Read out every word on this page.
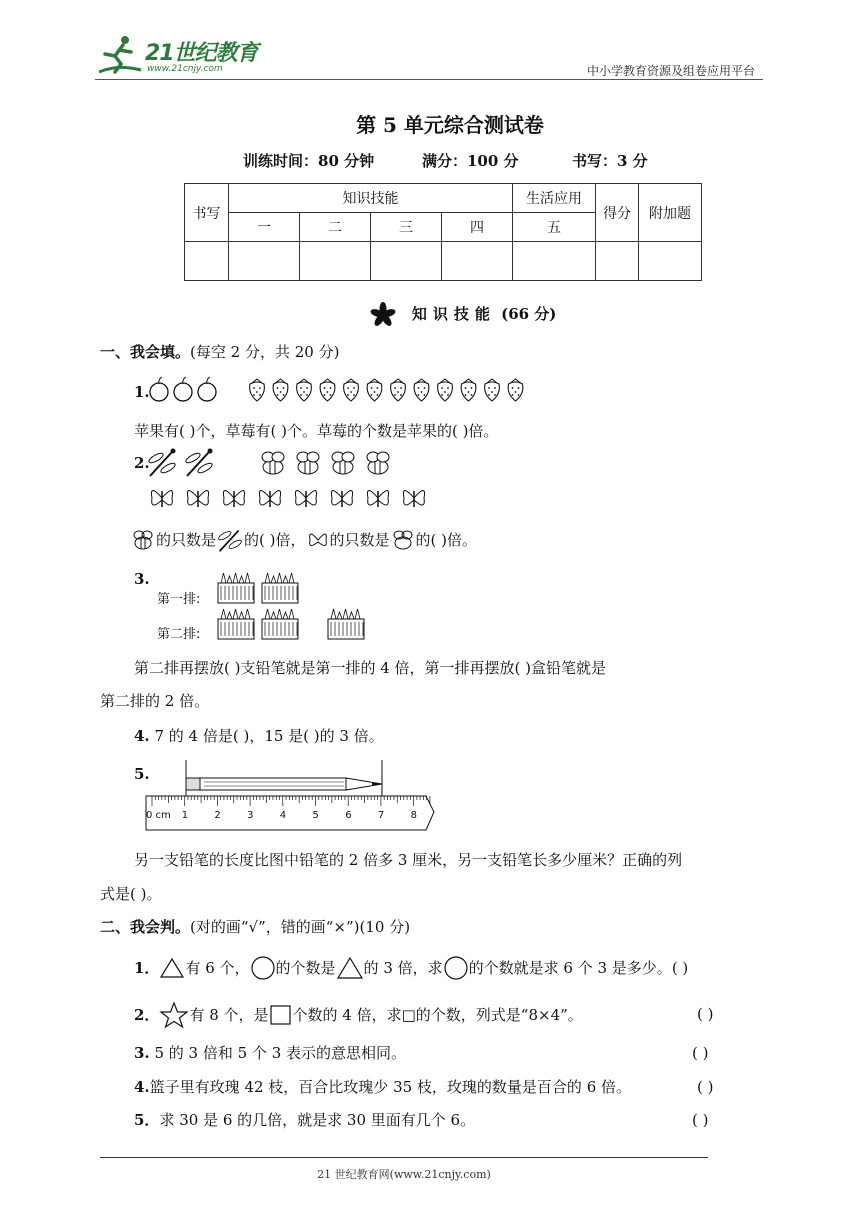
21世纪教育
www.21cnjy.com	中小学教育资源及组卷应用平台
第 5 单元综合测试卷
训练时间：80 分钟	满分：100 分	书写：3 分
书写	知识技能				生活应用	得分	附加题
	一	二	三	四	五		

知识技能 (66 分)
一、我会填。(每空 2 分，共 20 分)
1.
苹果有( )个，草莓有( )个。草莓的个数是苹果的( )倍。
2.

的只数是 的( )倍， 的只数是 的( )倍。
3.
第一排:
第二排:
第二排再摆放( )支铅笔就是第一排的 4 倍，第一排再摆放( )盒铅笔就是
第二排的 2 倍。
4. 7 的 4 倍是( )，15 是( )的 3 倍。
5.
0 cm 1	2	3	4	5	6	7	8
另一支铅笔的长度比图中铅笔的 2 倍多 3 厘米，另一支铅笔长多少厘米？正确的列
式是( )。
二、我会判。(对的画“√”，错的画“×”)(10 分)
1． 有 6 个， 的个数是 的 3 倍，求 的个数就是求 6 个 3 是多少。 ( )
2． 有 8 个，是 个数的 4 倍，求□的个数，列式是“8×4”。	( )
3. 5 的 3 倍和 5 个 3 表示的意思相同。	( )
4.篮子里有玫瑰 42 枝，百合比玫瑰少 35 枝，玫瑰的数量是百合的 6 倍。	( )
5．求 30 是 6 的几倍，就是求 30 里面有几个 6。	( )
21 世纪教育网(www.21cnjy.com)
